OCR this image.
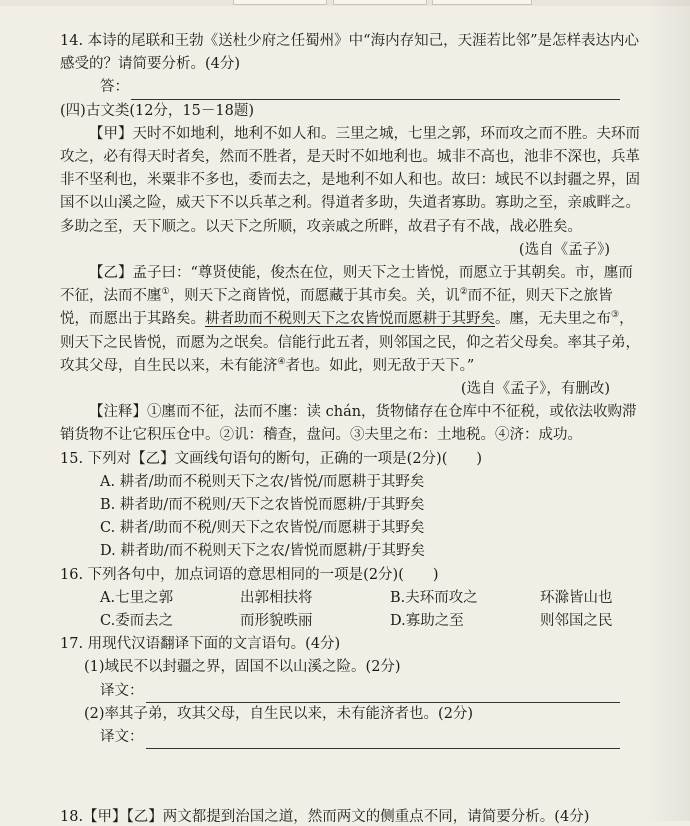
14. 本诗的尾联和王勃《送杜少府之任蜀州》中“海内存知己，天涯若比邻”是怎样表达内心感受的？请简要分析。(4分)

答：

(四)古文类(12分，15－18题)

【甲】天时不如地利，地利不如人和。三里之城，七里之郭，环而攻之而不胜。夫环而攻之，必有得天时者矣，然而不胜者，是天时不如地利也。城非不高也，池非不深也，兵革非不坚利也，米粟非不多也，委而去之，是地利不如人和也。故曰：域民不以封疆之界，固国不以山溪之险，威天下不以兵革之利。得道者多助，失道者寡助。寡助之至，亲戚畔之。多助之至，天下顺之。以天下之所顺，攻亲戚之所畔，故君子有不战，战必胜矣。

(选自《孟子》)

【乙】孟子曰：“尊贤使能，俊杰在位，则天下之士皆悦，而愿立于其朝矣。市，廛而不征，法而不廛①，则天下之商皆悦，而愿藏于其市矣。关，讥②而不征，则天下之旅皆悦，而愿出于其路矣。耕者助而不税则天下之农皆悦而愿耕于其野矣。廛，无夫里之布③，则天下之民皆悦，而愿为之氓矣。信能行此五者，则邻国之民，仰之若父母矣。率其子弟，攻其父母，自生民以来，未有能济④者也。如此，则无敌于天下。”

(选自《孟子》，有删改)

【注释】①廛而不征，法而不廛：读 chán，货物储存在仓库中不征税，或依法收购滞销货物不让它积压仓中。②讥：稽查，盘问。③夫里之布：土地税。④济：成功。

15. 下列对【乙】文画线句语句的断句，正确的一项是(2分)(　　)

A. 耕者/助而不税则天下之农/皆悦/而愿耕于其野矣

B. 耕者助/而不税则/天下之农皆悦而愿耕/于其野矣

C. 耕者/助而不税/则天下之农皆悦/而愿耕于其野矣

D. 耕者助/而不税则天下之农/皆悦而愿耕/于其野矣

16. 下列各句中，加点词语的意思相同的一项是(2分)(　　)

A.七里之郭	出郭相扶将	B.夫环而攻之	环滁皆山也
C.委而去之	而形貌昳丽	D.寡助之至	则邻国之民

17. 用现代汉语翻译下面的文言语句。(4分)

(1)域民不以封疆之界，固国不以山溪之险。(2分)

译文：

(2)率其子弟，攻其父母，自生民以来，未有能济者也。(2分)

译文：
18.【甲】【乙】两文都提到治国之道，然而两文的侧重点不同，请简要分析。(4分)
